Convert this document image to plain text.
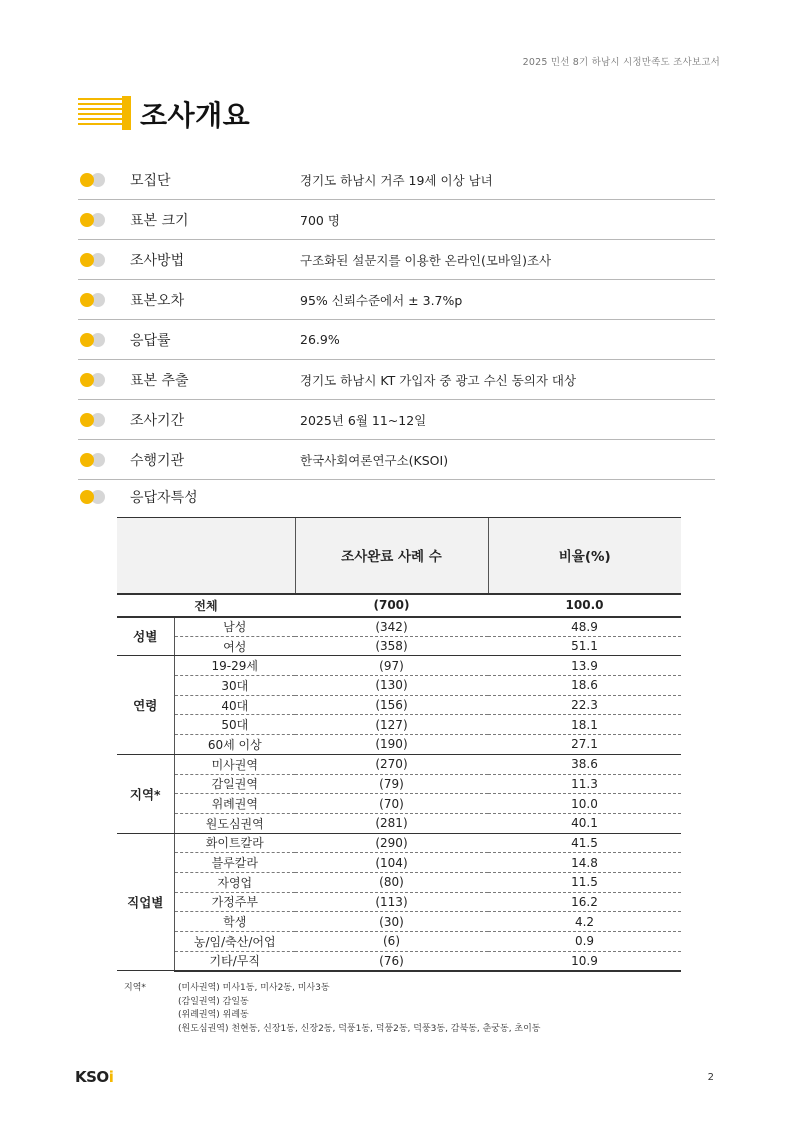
2025 민선 8기 하남시 시정만족도 조사보고서
조사개요
모집단	경기도 하남시 거주 19세 이상 남녀
표본 크기	700 명
조사방법	구조화된 설문지를 이용한 온라인(모바일)조사
표본오차	95% 신뢰수준에서 ± 3.7%p
응답률	26.9%
표본 추출	경기도 하남시 KT 가입자 중 광고 수신 동의자 대상
조사기간	2025년 6월 11~12일
수행기관	한국사회여론연구소(KSOI)
응답자특성
		조사완료 사례 수	비율(%)
전체		(700)	100.0
성별	남성	(342)	48.9
	여성	(358)	51.1
연령	19-29세	(97)	13.9
	30대	(130)	18.6
	40대	(156)	22.3
	50대	(127)	18.1
	60세 이상	(190)	27.1
지역*	미사권역	(270)	38.6
	감일권역	(79)	11.3
	위례권역	(70)	10.0
	원도심권역	(281)	40.1
직업별	화이트칼라	(290)	41.5
	블루칼라	(104)	14.8
	자영업	(80)	11.5
	가정주부	(113)	16.2
	학생	(30)	4.2
	농/임/축산/어업	(6)	0.9
	기타/무직	(76)	10.9
지역*	(미사권역) 미사1동, 미사2동, 미사3동
(감일권역) 감일동
(위례권역) 위례동
(원도심권역) 천현동, 신장1동, 신장2동, 덕풍1동, 덕풍2동, 덕풍3동, 감북동, 춘궁동, 초이동
KSOi	2
